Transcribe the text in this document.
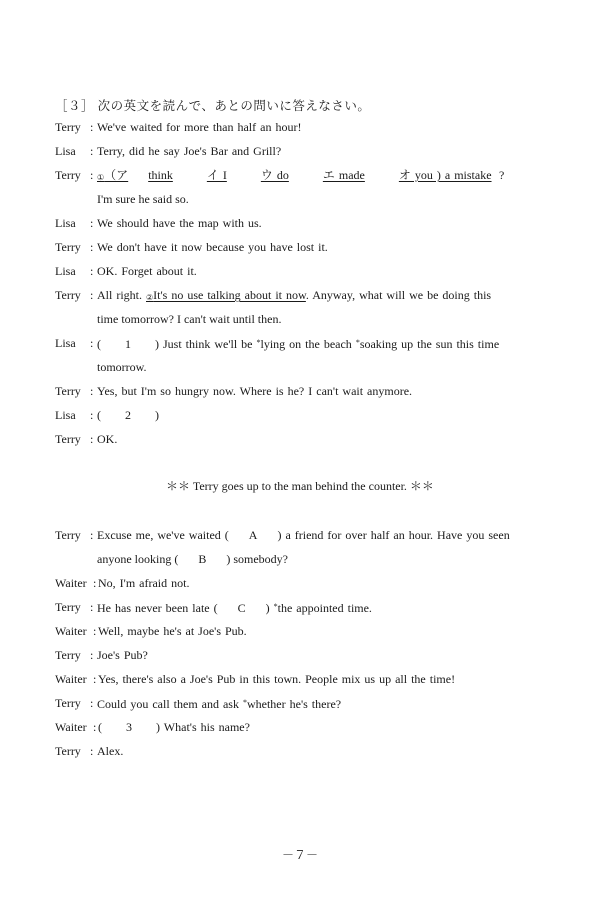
［３］ 次の英文を読んで、あとの問いに答えなさい。
Terry : We've waited for more than half an hour!
Lisa	: Terry, did he say Joe's Bar and Grill?
Terry : ①（ア think	イ I	ウ do	エ made	オ you ) a mistake ?
I'm sure he said so.
Lisa	: We should have the map with us.
Terry : We don't have it now because you have lost it.
Lisa	: OK. Forget about it.
Terry : All right. ②It's no use talking about it now. Anyway, what will we be doing this
time tomorrow? I can't wait until then.
Lisa	: (      1      ) Just think we'll be *lying on the beach *soaking up the sun this time
tomorrow.
Terry : Yes, but I'm so hungry now. Where is he? I can't wait anymore.
Lisa	: (      2      )
Terry : OK.
＊＊ Terry goes up to the man behind the counter. ＊＊
Terry : Excuse me, we've waited ( A ) a friend for over half an hour. Have you seen
anyone looking ( B ) somebody?
Waiter : No, I'm afraid not.
Terry : He has never been late ( C ) *the appointed time.
Waiter : Well, maybe he's at Joe's Pub.
Terry : Joe's Pub?
Waiter : Yes, there's also a Joe's Pub in this town. People mix us up all the time!
Terry : Could you call them and ask *whether he's there?
Waiter : (      3      ) What's his name?
Terry : Alex.
－７－
